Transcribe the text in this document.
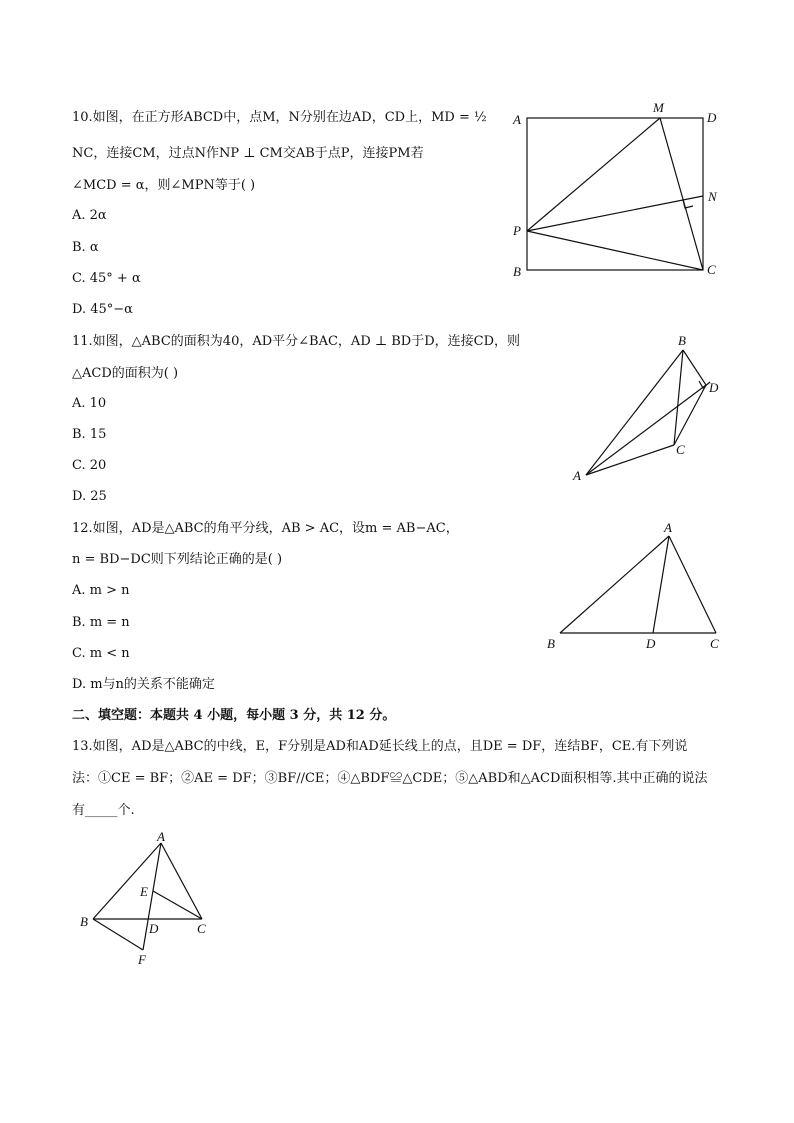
10.如图，在正方形ABCD中，点M，N分别在边AD，CD上，MD = ½
NC，连接CM，过点N作NP ⊥ CM交AB于点P，连接PM若
∠MCD = α，则∠MPN等于( )
A. 2α
B. α
C. 45° + α
D. 45°−α
A
M
D
N
P
B	C
11.如图，△ABC的面积为40，AD平分∠BAC，AD ⊥ BD于D，连接CD，则
△ACD的面积为( )
A. 10
B. 15
C. 20
D. 25
B
D
C
A
12.如图，AD是△ABC的角平分线，AB > AC，设m = AB−AC，
n = BD−DC则下列结论正确的是( )
A. m > n
B. m = n
C. m < n
D. m与n的关系不能确定
A
B	D	C
二、填空题：本题共 4 小题，每小题 3 分，共 12 分。
13.如图，AD是△ABC的中线，E，F分别是AD和AD延长线上的点，且DE = DF，连结BF，CE.有下列说
法：①CE = BF；②AE = DF；③BF//CE；④△BDF≌△CDE；⑤△ABD和△ACD面积相等.其中正确的说法
有_____个.
A
E
B	D	C
F
